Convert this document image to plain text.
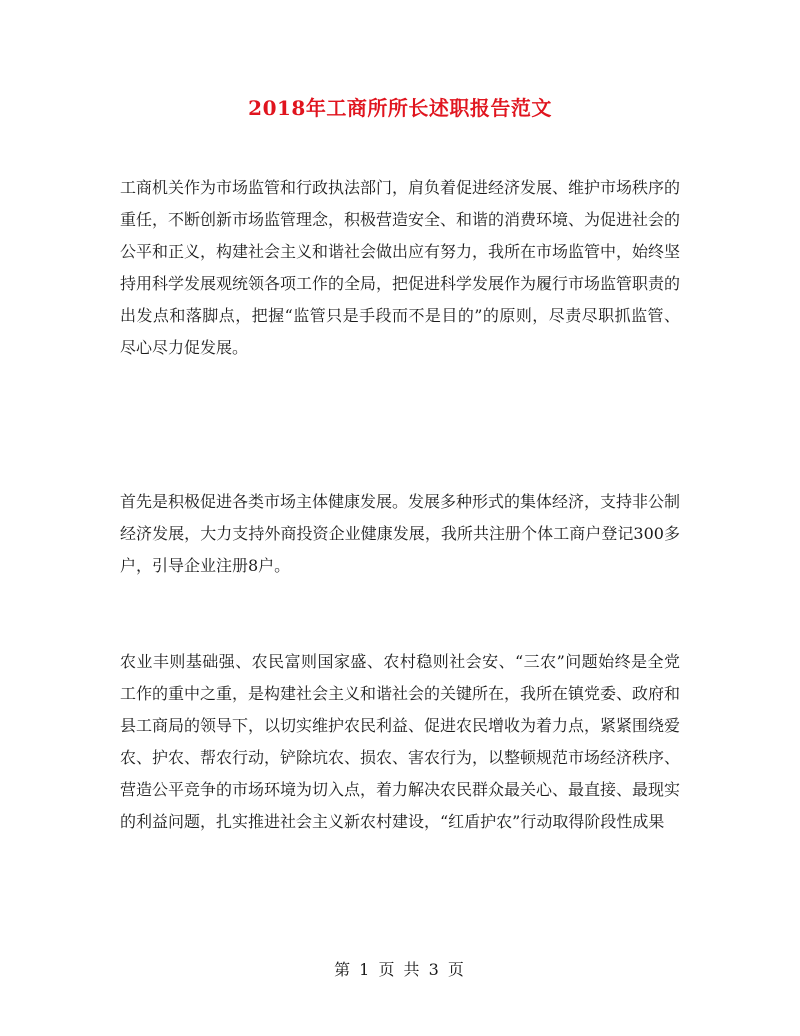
2018年工商所所长述职报告范文

工商机关作为市场监管和行政执法部门，肩负着促进经济发展、维护市场秩序的重任，不断创新市场监管理念，积极营造安全、和谐的消费环境、为促进社会的公平和正义，构建社会主义和谐社会做出应有努力，我所在市场监管中，始终坚持用科学发展观统领各项工作的全局，把促进科学发展作为履行市场监管职责的出发点和落脚点，把握“监管只是手段而不是目的”的原则，尽责尽职抓监管、尽心尽力促发展。

首先是积极促进各类市场主体健康发展。发展多种形式的集体经济，支持非公制经济发展，大力支持外商投资企业健康发展，我所共注册个体工商户登记300多户，引导企业注册8户。

农业丰则基础强、农民富则国家盛、农村稳则社会安、“三农”问题始终是全党工作的重中之重，是构建社会主义和谐社会的关键所在，我所在镇党委、政府和县工商局的领导下，以切实维护农民利益、促进农民增收为着力点，紧紧围绕爱农、护农、帮农行动，铲除坑农、损农、害农行为，以整顿规范市场经济秩序、营造公平竞争的市场环境为切入点，着力解决农民群众最关心、最直接、最现实的利益问题，扎实推进社会主义新农村建设，“红盾护农”行动取得阶段性成果

第 1 页 共 3 页
